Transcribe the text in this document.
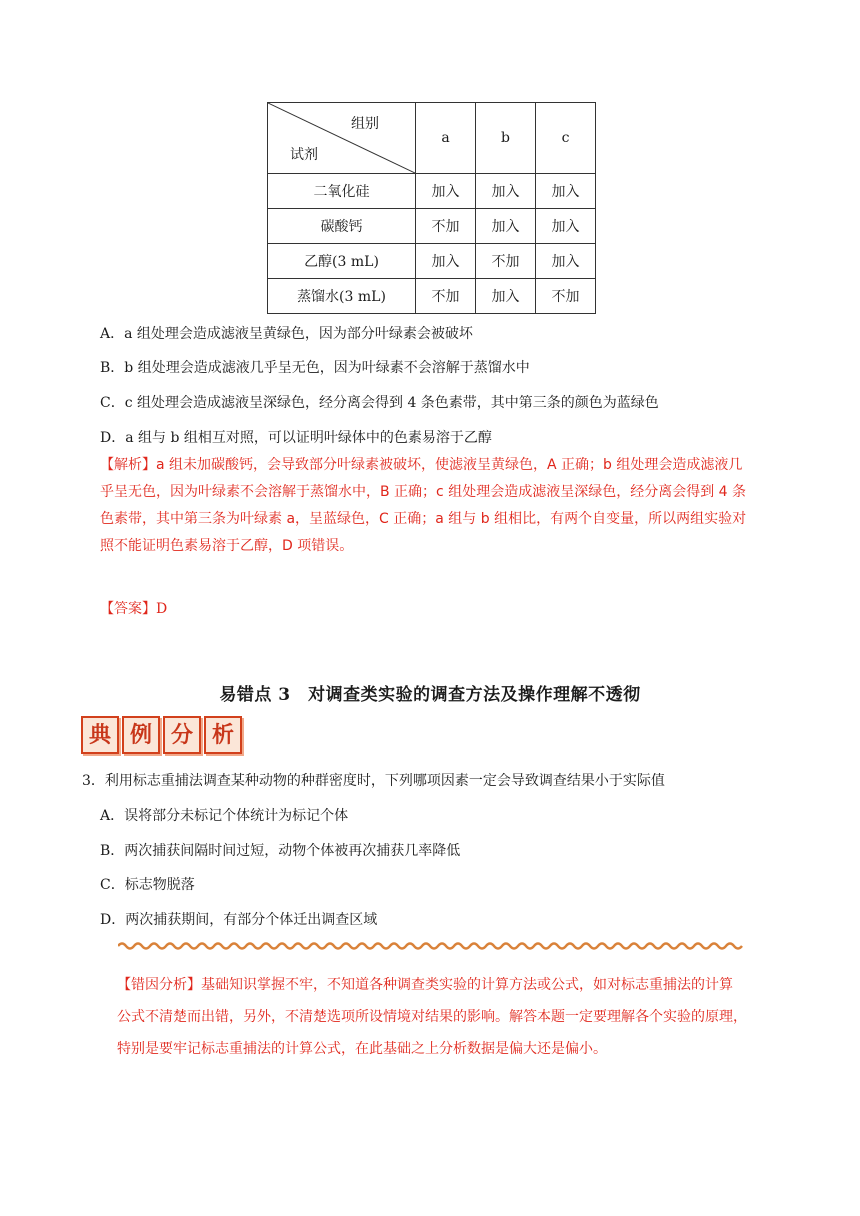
组别
试剂	a	b	c
二氧化硅	加入	加入	加入
碳酸钙	不加	加入	加入
乙醇(3 mL)	加入	不加	加入
蒸馏水(3 mL)	不加	加入	不加
A．a 组处理会造成滤液呈黄绿色，因为部分叶绿素会被破坏
B．b 组处理会造成滤液几乎呈无色，因为叶绿素不会溶解于蒸馏水中
C．c 组处理会造成滤液呈深绿色，经分离会得到 4 条色素带，其中第三条的颜色为蓝绿色
D．a 组与 b 组相互对照，可以证明叶绿体中的色素易溶于乙醇
【解析】a 组未加碳酸钙，会导致部分叶绿素被破坏，使滤液呈黄绿色，A 正确；b 组处理会造成滤液几
乎呈无色，因为叶绿素不会溶解于蒸馏水中，B 正确；c 组处理会造成滤液呈深绿色，经分离会得到 4 条
色素带，其中第三条为叶绿素 a，呈蓝绿色，C 正确；a 组与 b 组相比，有两个自变量，所以两组实验对
照不能证明色素易溶于乙醇，D 项错误。
【答案】D
易错点 3　对调查类实验的调查方法及操作理解不透彻
典 例 分 析
3．利用标志重捕法调查某种动物的种群密度时，下列哪项因素一定会导致调查结果小于实际值
A．误将部分未标记个体统计为标记个体
B．两次捕获间隔时间过短，动物个体被再次捕获几率降低
C．标志物脱落
D．两次捕获期间，有部分个体迁出调查区域
【错因分析】基础知识掌握不牢，不知道各种调查类实验的计算方法或公式，如对标志重捕法的计算
公式不清楚而出错，另外，不清楚选项所设情境对结果的影响。解答本题一定要理解各个实验的原理，
特别是要牢记标志重捕法的计算公式，在此基础之上分析数据是偏大还是偏小。
